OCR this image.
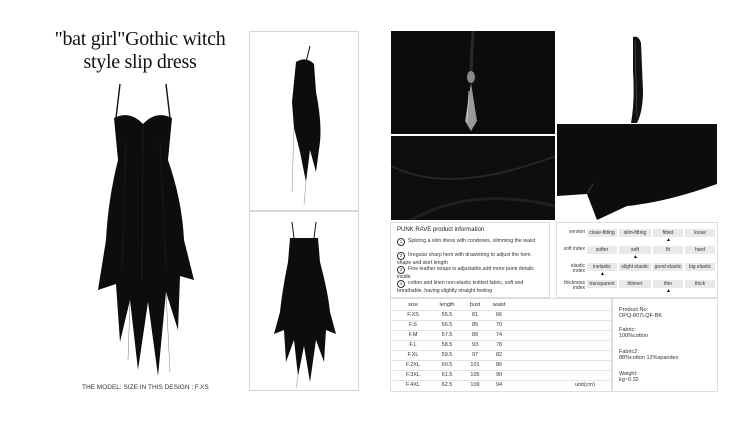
"bat girl"Gothic witch style slip dress
THE MODEL: SIZE IN THIS DESIGN : F.XS
PUNK RAVE product information
1 Splicing a slim dress with condones, slimming the waist
2 Irregular sharp hem with drawstring to adjust the hem shape and skirt length
3 Fine leather straps is adjustable,add more punk details inside
4 cotton and linen non-elastic knitted fabric, soft and breathable, having slightly straight feeling
version close-fitting	slim-fitting	fitted	loose
▲
soft index	softer	soft	fit	hard
▲
elastic index
inelastic	slight elastic	good elastic	big elastic
▲
thickness index
transparent	thinner	thin	thick
▲
size	length	bust	waist
F.XS	55.5	81	66
F.S	56.5	85	70
F.M	57.5	89	74
F.L	58.5	93	78
F.XL	59.5	97	82
F.2XL	60.5	101	86
F.3XL	61.5	105	90
F.4XL	62.5	109	94	unit(cm)
Product No:
OPQ-807LQF-BK
Fabric:
100%cotton
Fabric2:
88%cotton 12%spandex
Weight:
kg~0.32
